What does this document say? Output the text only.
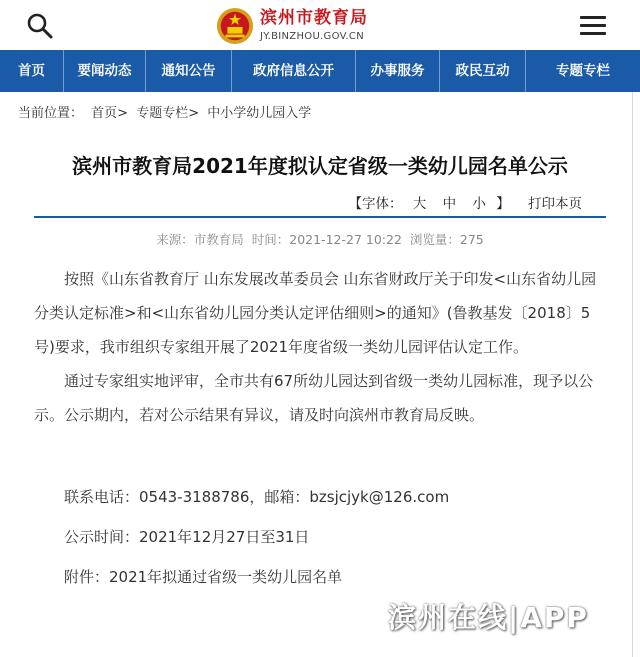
滨州市教育局
JY.BINZHOU.GOV.CN
首页	要闻动态	通知公告	政府信息公开	办事服务	政民互动	专题专栏
当前位置： 首页> 专题专栏> 中小学幼儿园入学
滨州市教育局2021年度拟认定省级一类幼儿园名单公示
【字体： 大 中 小 】 打印本页
来源：市教育局 时间：2021-12-27 10:22 浏览量：275

按照《山东省教育厅 山东发展改革委员会 山东省财政厅关于印发<山东省幼儿园分类认定标准>和<山东省幼儿园分类认定评估细则>的通知》(鲁教基发〔2018〕5号)要求，我市组织专家组开展了2021年度省级一类幼儿园评估认定工作。

通过专家组实地评审，全市共有67所幼儿园达到省级一类幼儿园标准，现予以公示。公示期内，若对公示结果有异议，请及时向滨州市教育局反映。

联系电话：0543-3188786，邮箱：bzsjcjyk@126.com

公示时间：2021年12月27日至31日

附件：2021年拟通过省级一类幼儿园名单

滨州在线|APP
